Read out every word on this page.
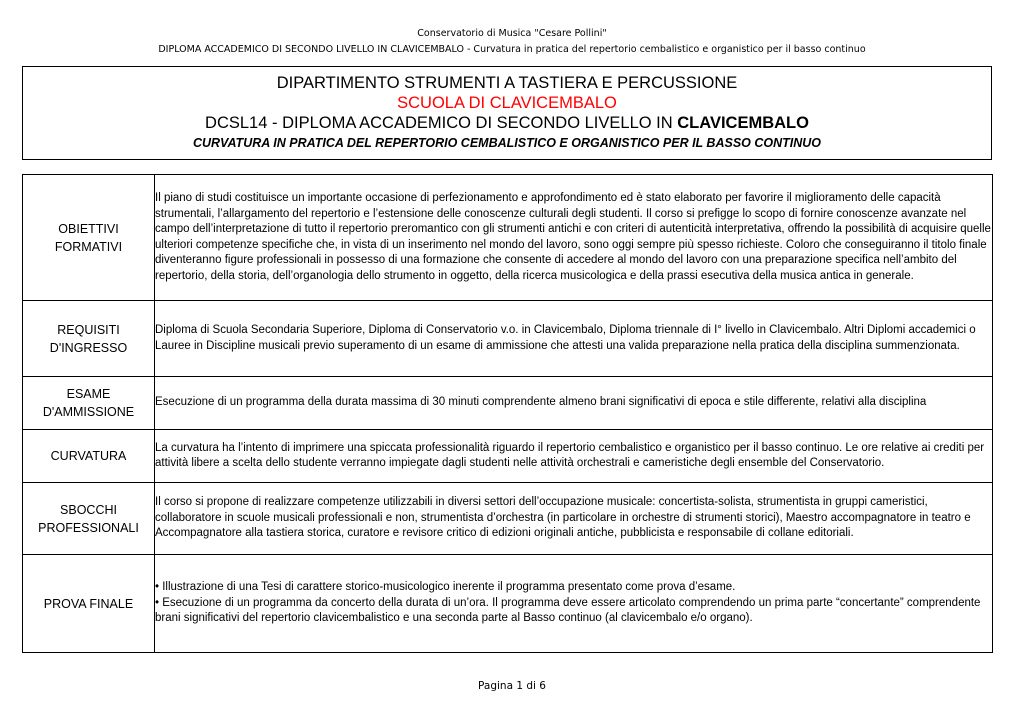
Conservatorio di Musica "Cesare Pollini"
DIPLOMA ACCADEMICO DI SECONDO LIVELLO IN CLAVICEMBALO - Curvatura in pratica del repertorio cembalistico e organistico per il basso continuo
DIPARTIMENTO STRUMENTI A TASTIERA E PERCUSSIONE
SCUOLA DI CLAVICEMBALO
DCSL14 - DIPLOMA ACCADEMICO DI SECONDO LIVELLO IN CLAVICEMBALO
CURVATURA IN PRATICA DEL REPERTORIO CEMBALISTICO E ORGANISTICO PER IL BASSO CONTINUO
OBIETTIVI
FORMATIVI	Il piano di studi costituisce un importante occasione di perfezionamento e approfondimento ed è stato elaborato per favorire il miglioramento delle capacità strumentali, l’allargamento del repertorio e l’estensione delle conoscenze culturali degli studenti. Il corso si prefigge lo scopo di fornire conoscenze avanzate nel campo dell’interpretazione di tutto il repertorio preromantico con gli strumenti antichi e con criteri di autenticità interpretativa, offrendo la possibilità di acquisire quelle ulteriori competenze specifiche che, in vista di un inserimento nel mondo del lavoro, sono oggi sempre più spesso richieste. Coloro che conseguiranno il titolo finale diventeranno figure professionali in possesso di una formazione che consente di accedere al mondo del lavoro con una preparazione specifica nell’ambito del repertorio, della storia, dell’organologia dello strumento in oggetto, della ricerca musicologica e della prassi esecutiva della musica antica in generale.

REQUISITI
D'INGRESSO	Diploma di Scuola Secondaria Superiore, Diploma di Conservatorio v.o. in Clavicembalo, Diploma triennale di I° livello in Clavicembalo. Altri Diplomi accademici o Lauree in Discipline musicali previo superamento di un esame di ammissione che attesti una valida preparazione nella pratica della disciplina summenzionata.

ESAME
D'AMMISSIONE	Esecuzione di un programma della durata massima di 30 minuti comprendente almeno brani significativi di epoca e stile differente, relativi alla disciplina

CURVATURA	La curvatura ha l’intento di imprimere una spiccata professionalità riguardo il repertorio cembalistico e organistico per il basso continuo. Le ore relative ai crediti per attività libere a scelta dello studente verranno impiegate dagli studenti nelle attività orchestrali e cameristiche degli ensemble del Conservatorio.

SBOCCHI
PROFESSIONALI	Il corso si propone di realizzare competenze utilizzabili in diversi settori dell’occupazione musicale: concertista-solista, strumentista in gruppi cameristici, collaboratore in scuole musicali professionali e non, strumentista d’orchestra (in particolare in orchestre di strumenti storici), Maestro accompagnatore in teatro e Accompagnatore alla tastiera storica, curatore e revisore critico di edizioni originali antiche, pubblicista e responsabile di collane editoriali.

PROVA FINALE	• Illustrazione di una Tesi di carattere storico-musicologico inerente il programma presentato come prova d’esame.
• Esecuzione di un programma da concerto della durata di un’ora. Il programma deve essere articolato comprendendo un prima parte “concertante” comprendente brani significativi del repertorio clavicembalistico e una seconda parte al Basso continuo (al clavicembalo e/o organo).
Pagina 1 di 6
